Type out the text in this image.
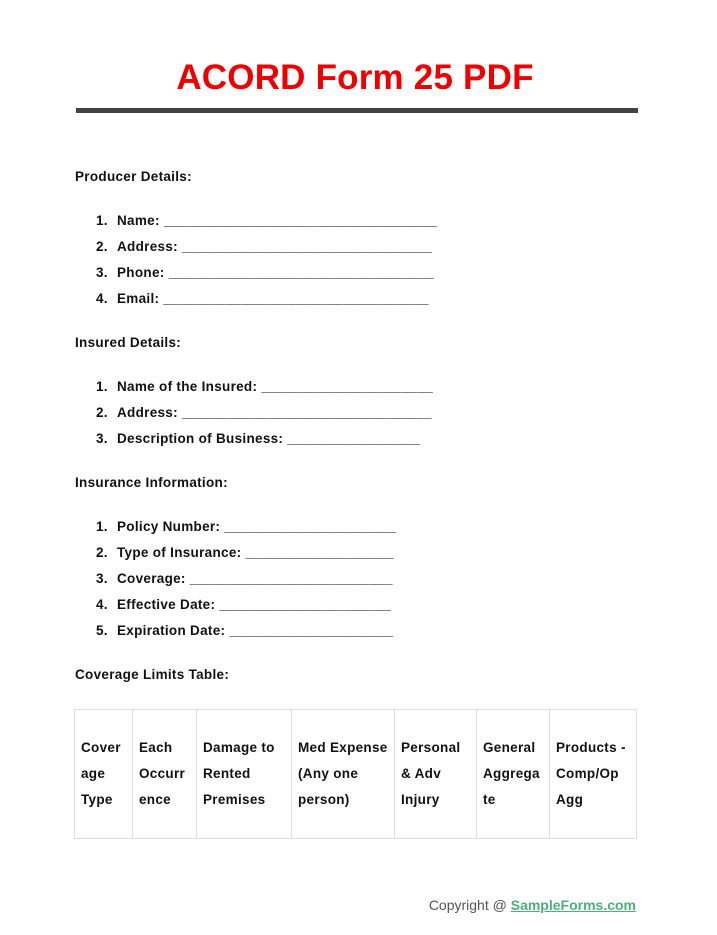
ACORD Form 25 PDF

Producer Details:

1. Name: ___________________________________
2. Address: ________________________________
3. Phone: __________________________________
4. Email: __________________________________

Insured Details:

1. Name of the Insured: ______________________
2. Address: ________________________________
3. Description of Business: _________________

Insurance Information:

1. Policy Number: ______________________
2. Type of Insurance: ___________________
3. Coverage: __________________________
4. Effective Date: ______________________
5. Expiration Date: _____________________

Coverage Limits Table:

Coverage Type	Each Occurrence	Damage to Rented Premises	Med Expense (Any one person)	Personal & Adv Injury	General Aggregate	Products - Comp/Op Agg
Copyright @ SampleForms.com
